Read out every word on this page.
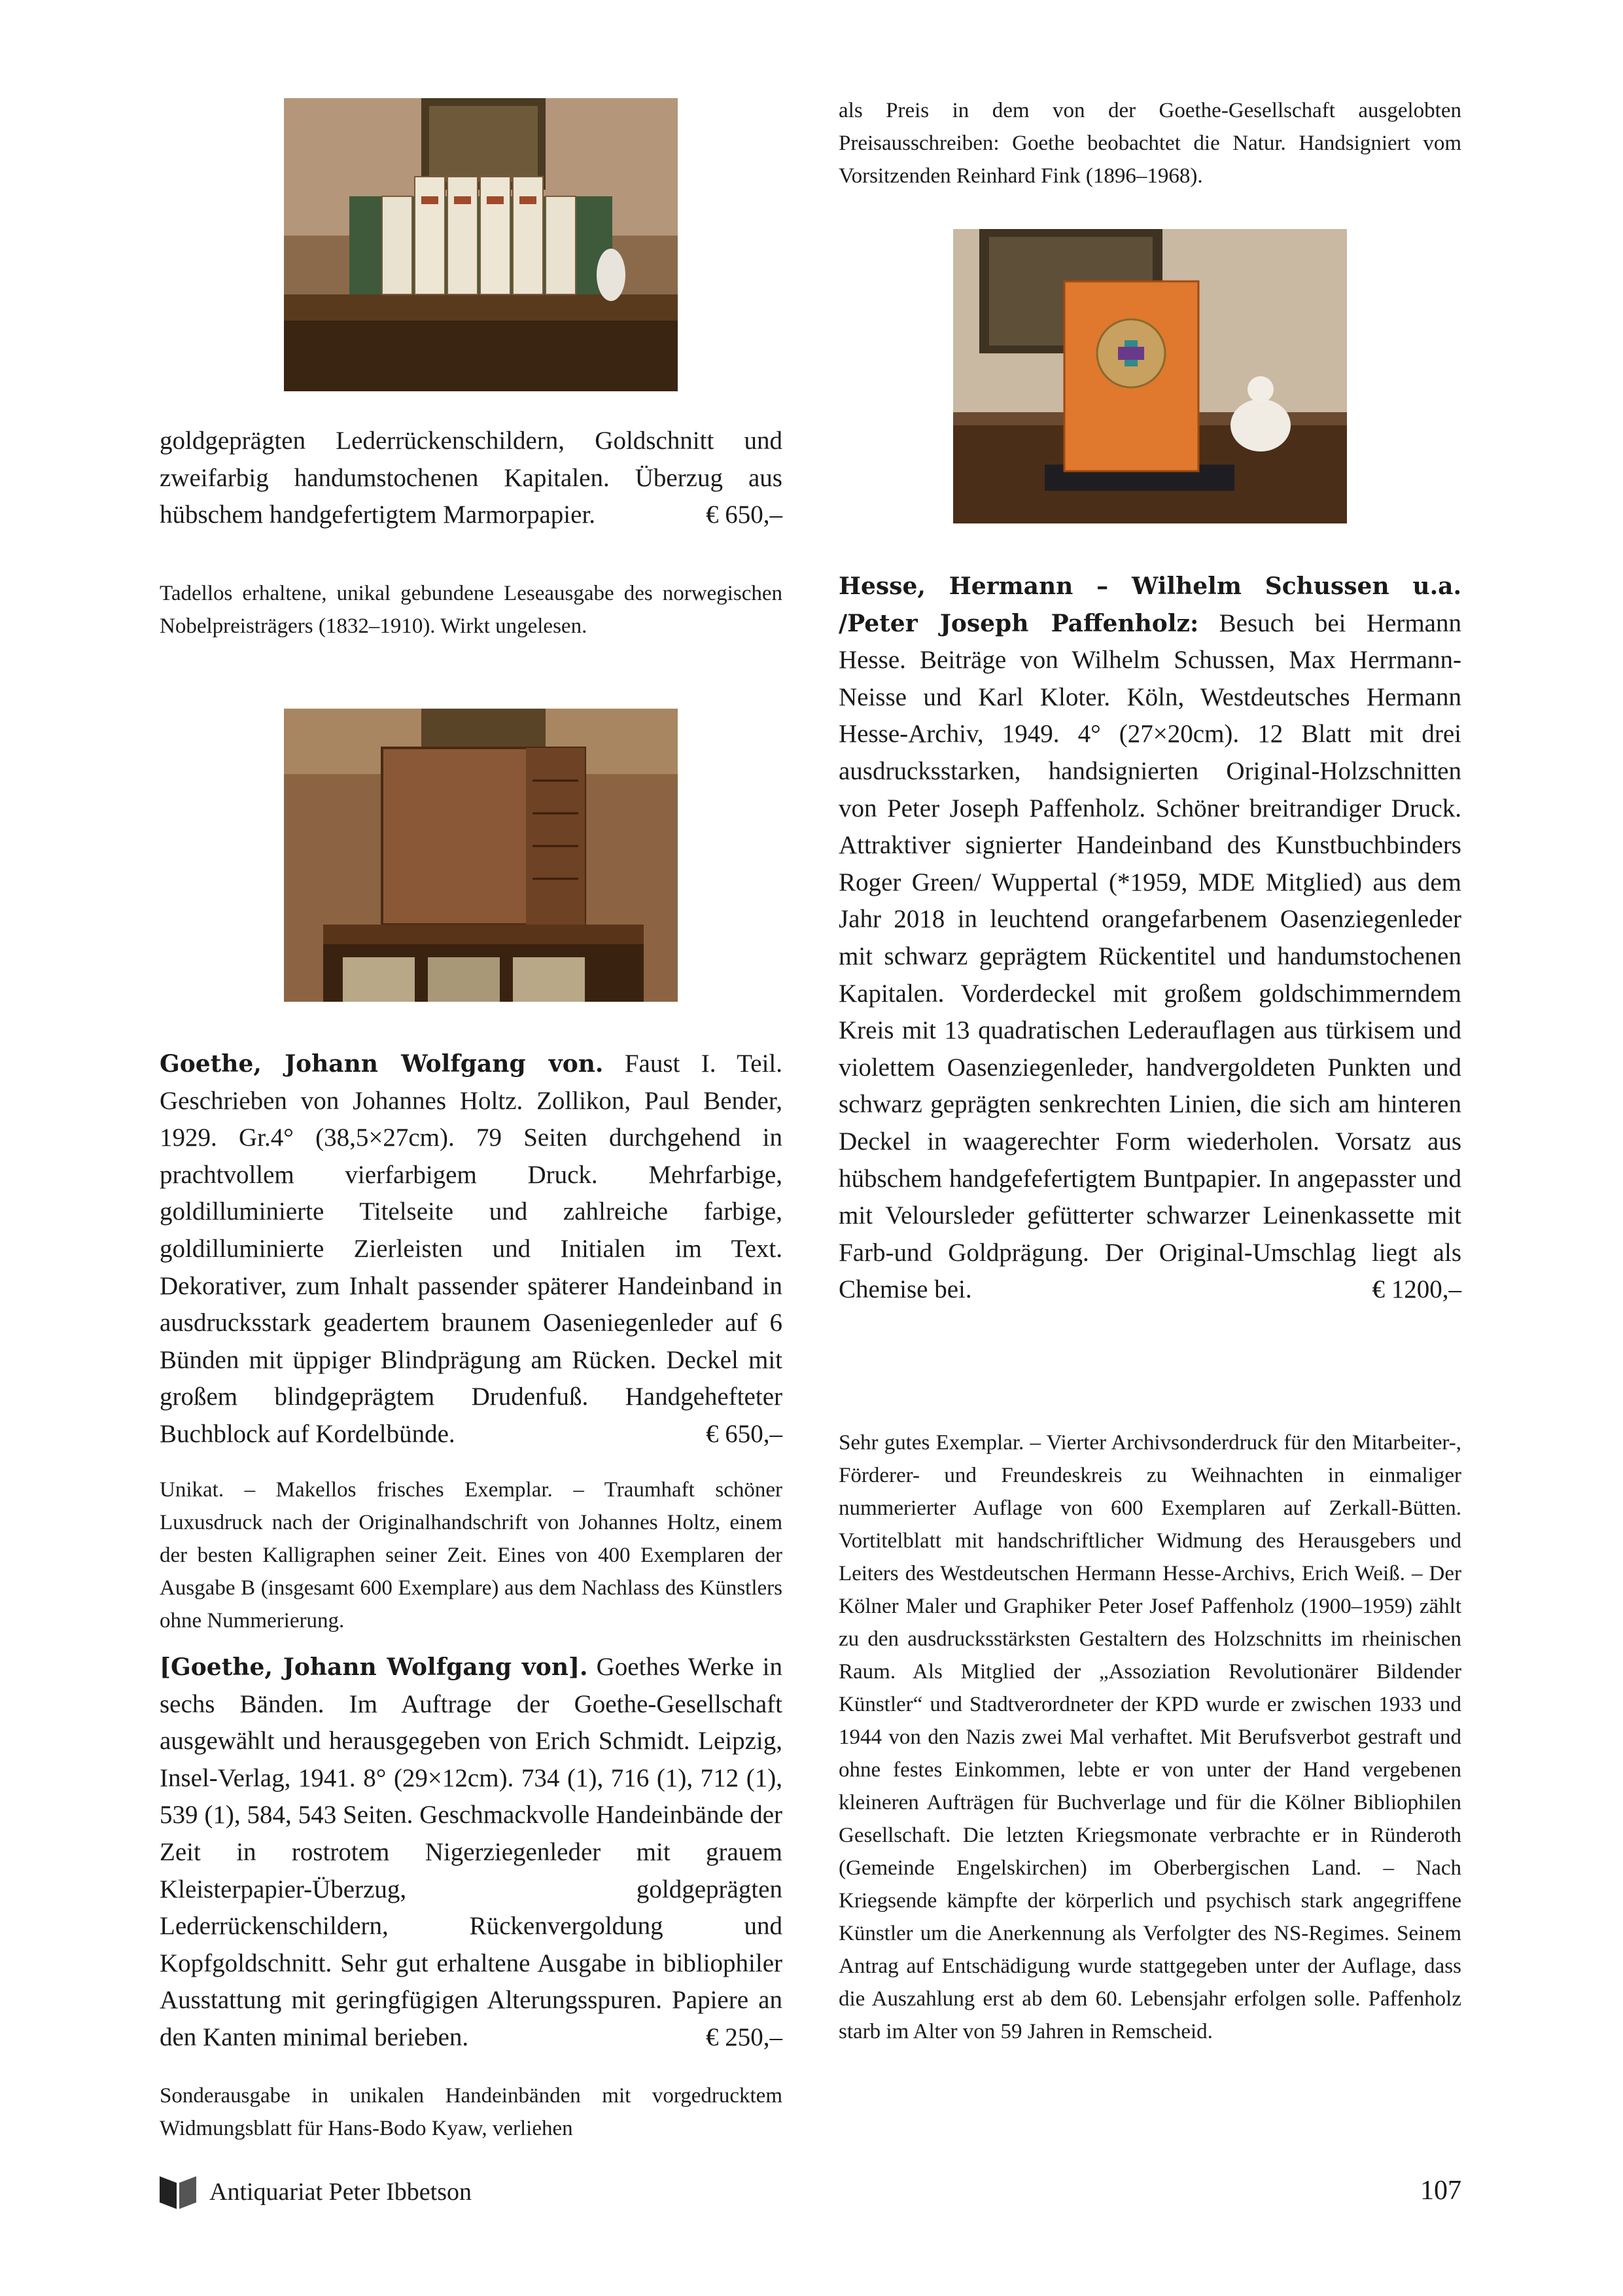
goldgeprägten Lederrückenschildern, Goldschnitt und zweifarbig handumstochenen Kapitalen. Überzug aus hübschem handgefertigtem Marmorpapier.	€ 650,–

Tadellos erhaltene, unikal gebundene Leseausgabe des norwegischen Nobelpreisträgers (1832–1910). Wirkt ungelesen.

Goethe, Johann Wolfgang von. Faust I. Teil. Geschrieben von Johannes Holtz. Zollikon, Paul Bender, 1929. Gr.4° (38,5×27cm). 79 Seiten durchgehend in prachtvollem vierfarbigem Druck. Mehrfarbige, goldilluminierte Titelseite und zahlreiche farbige, goldilluminierte Zierleisten und Initialen im Text. Dekorativer, zum Inhalt passender späterer Handeinband in ausdrucksstark geadertem braunem Oaseniegenleder auf 6 Bünden mit üppiger Blindprägung am Rücken. Deckel mit großem blindgeprägtem Drudenfuß. Handgehefteter Buchblock auf Kordelbünde.	€ 650,–

Unikat. – Makellos frisches Exemplar. – Traumhaft schöner Luxusdruck nach der Originalhandschrift von Johannes Holtz, einem der besten Kalligraphen seiner Zeit. Eines von 400 Exemplaren der Ausgabe B (insgesamt 600 Exemplare) aus dem Nachlass des Künstlers ohne Nummerierung.

[Goethe, Johann Wolfgang von]. Goethes Werke in sechs Bänden. Im Auftrage der Goethe-Gesellschaft ausgewählt und herausgegeben von Erich Schmidt. Leipzig, Insel-Verlag, 1941. 8° (29×12cm). 734 (1), 716 (1), 712 (1), 539 (1), 584, 543 Seiten. Geschmackvolle Handeinbände der Zeit in rostrotem Nigerziegenleder mit grauem Kleisterpapier-Überzug, goldgeprägten Lederrückenschildern, Rückenvergoldung und Kopfgoldschnitt. Sehr gut erhaltene Ausgabe in bibliophiler Ausstattung mit geringfügigen Alterungsspuren. Papiere an den Kanten minimal berieben.	€ 250,–

Sonderausgabe in unikalen Handeinbänden mit vorgedrucktem Widmungsblatt für Hans-Bodo Kyaw, verliehen

als Preis in dem von der Goethe-Gesellschaft ausgelobten Preisausschreiben: Goethe beobachtet die Natur. Handsigniert vom Vorsitzenden Reinhard Fink (1896–1968).

Hesse, Hermann – Wilhelm Schussen u.a. /Peter Joseph Paffenholz: Besuch bei Hermann Hesse. Beiträge von Wilhelm Schussen, Max Herrmann-Neisse und Karl Kloter. Köln, Westdeutsches Hermann Hesse-Archiv, 1949. 4° (27×20cm). 12 Blatt mit drei ausdrucksstarken, handsignierten Original-Holzschnitten von Peter Joseph Paffenholz. Schöner breitrandiger Druck. Attraktiver signierter Handeinband des Kunstbuchbinders Roger Green/ Wuppertal (*1959, MDE Mitglied) aus dem Jahr 2018 in leuchtend orangefarbenem Oasenziegenleder mit schwarz geprägtem Rückentitel und handumstochenen Kapitalen. Vorderdeckel mit großem goldschimmerndem Kreis mit 13 quadratischen Lederauflagen aus türkisem und violettem Oasenziegenleder, handvergoldeten Punkten und schwarz geprägten senkrechten Linien, die sich am hinteren Deckel in waagerechter Form wiederholen. Vorsatz aus hübschem handgefefertigtem Buntpapier. In angepasster und mit Veloursleder gefütterter schwarzer Leinenkassette mit Farb-und Goldprägung. Der Original-Umschlag liegt als Chemise bei.	€ 1200,–

Sehr gutes Exemplar. – Vierter Archivsonderdruck für den Mitarbeiter-, Förderer- und Freundeskreis zu Weihnachten in einmaliger nummerierter Auflage von 600 Exemplaren auf Zerkall-Bütten. Vortitelblatt mit handschriftlicher Widmung des Herausgebers und Leiters des Westdeutschen Hermann Hesse-Archivs, Erich Weiß. – Der Kölner Maler und Graphiker Peter Josef Paffenholz (1900–1959) zählt zu den ausdrucksstärksten Gestaltern des Holzschnitts im rheinischen Raum. Als Mitglied der „Assoziation Revolutionärer Bildender Künstler“ und Stadtverordneter der KPD wurde er zwischen 1933 und 1944 von den Nazis zwei Mal verhaftet. Mit Berufsverbot gestraft und ohne festes Einkommen, lebte er von unter der Hand vergebenen kleineren Aufträgen für Buchverlage und für die Kölner Bibliophilen Gesellschaft. Die letzten Kriegsmonate verbrachte er in Ründeroth (Gemeinde Engelskirchen) im Oberbergischen Land. – Nach Kriegsende kämpfte der körperlich und psychisch stark angegriffene Künstler um die Anerkennung als Verfolgter des NS-Regimes. Seinem Antrag auf Entschädigung wurde stattgegeben unter der Auflage, dass die Auszahlung erst ab dem 60. Lebensjahr erfolgen solle. Paffenholz starb im Alter von 59 Jahren in Remscheid.

Antiquariat Peter Ibbetson	107
